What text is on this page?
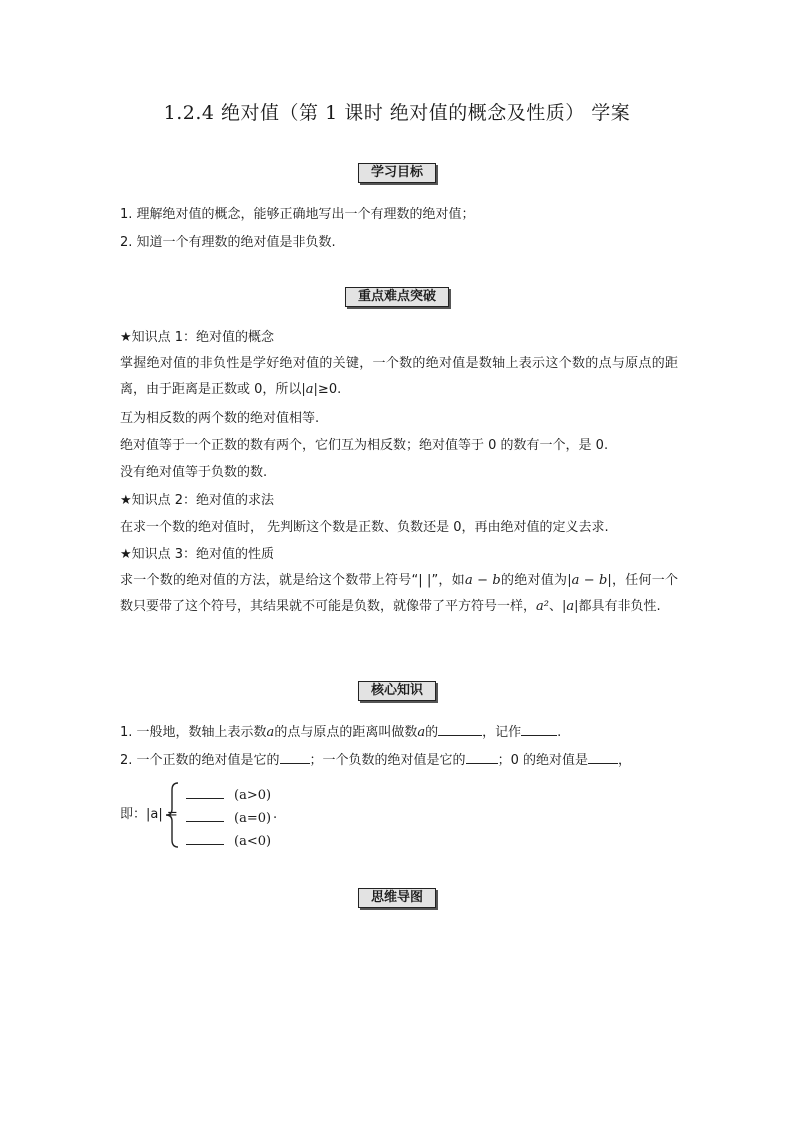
1.2.4 绝对值（第 1 课时 绝对值的概念及性质） 学案
学习目标
1. 理解绝对值的概念，能够正确地写出一个有理数的绝对值；
2. 知道一个有理数的绝对值是非负数.
重点难点突破
★知识点 1：绝对值的概念
掌握绝对值的非负性是学好绝对值的关键，一个数的绝对值是数轴上表示这个数的点与原点的距离，由于距离是正数或 0，所以|a|≥0.
互为相反数的两个数的绝对值相等.
绝对值等于一个正数的数有两个，它们互为相反数；绝对值等于 0 的数有一个，是 0.
没有绝对值等于负数的数.
★知识点 2：绝对值的求法
在求一个数的绝对值时， 先判断这个数是正数、负数还是 0，再由绝对值的定义去求.
★知识点 3：绝对值的性质
求一个数的绝对值的方法，就是给这个数带上符号“| |”，如a − b的绝对值为|a − b|，任何一个数只要带了这个符号，其结果就不可能是负数，就像带了平方符号一样，a²、|a|都具有非负性.
核心知识
1. 一般地，数轴上表示数a的点与原点的距离叫做数a的	，记作	.
2. 一个正数的绝对值是它的 ；一个负数的绝对值是它的 ；0 的绝对值是 ，
即：|a| =
(a>0)
(a=0)
(a<0)
.
思维导图
